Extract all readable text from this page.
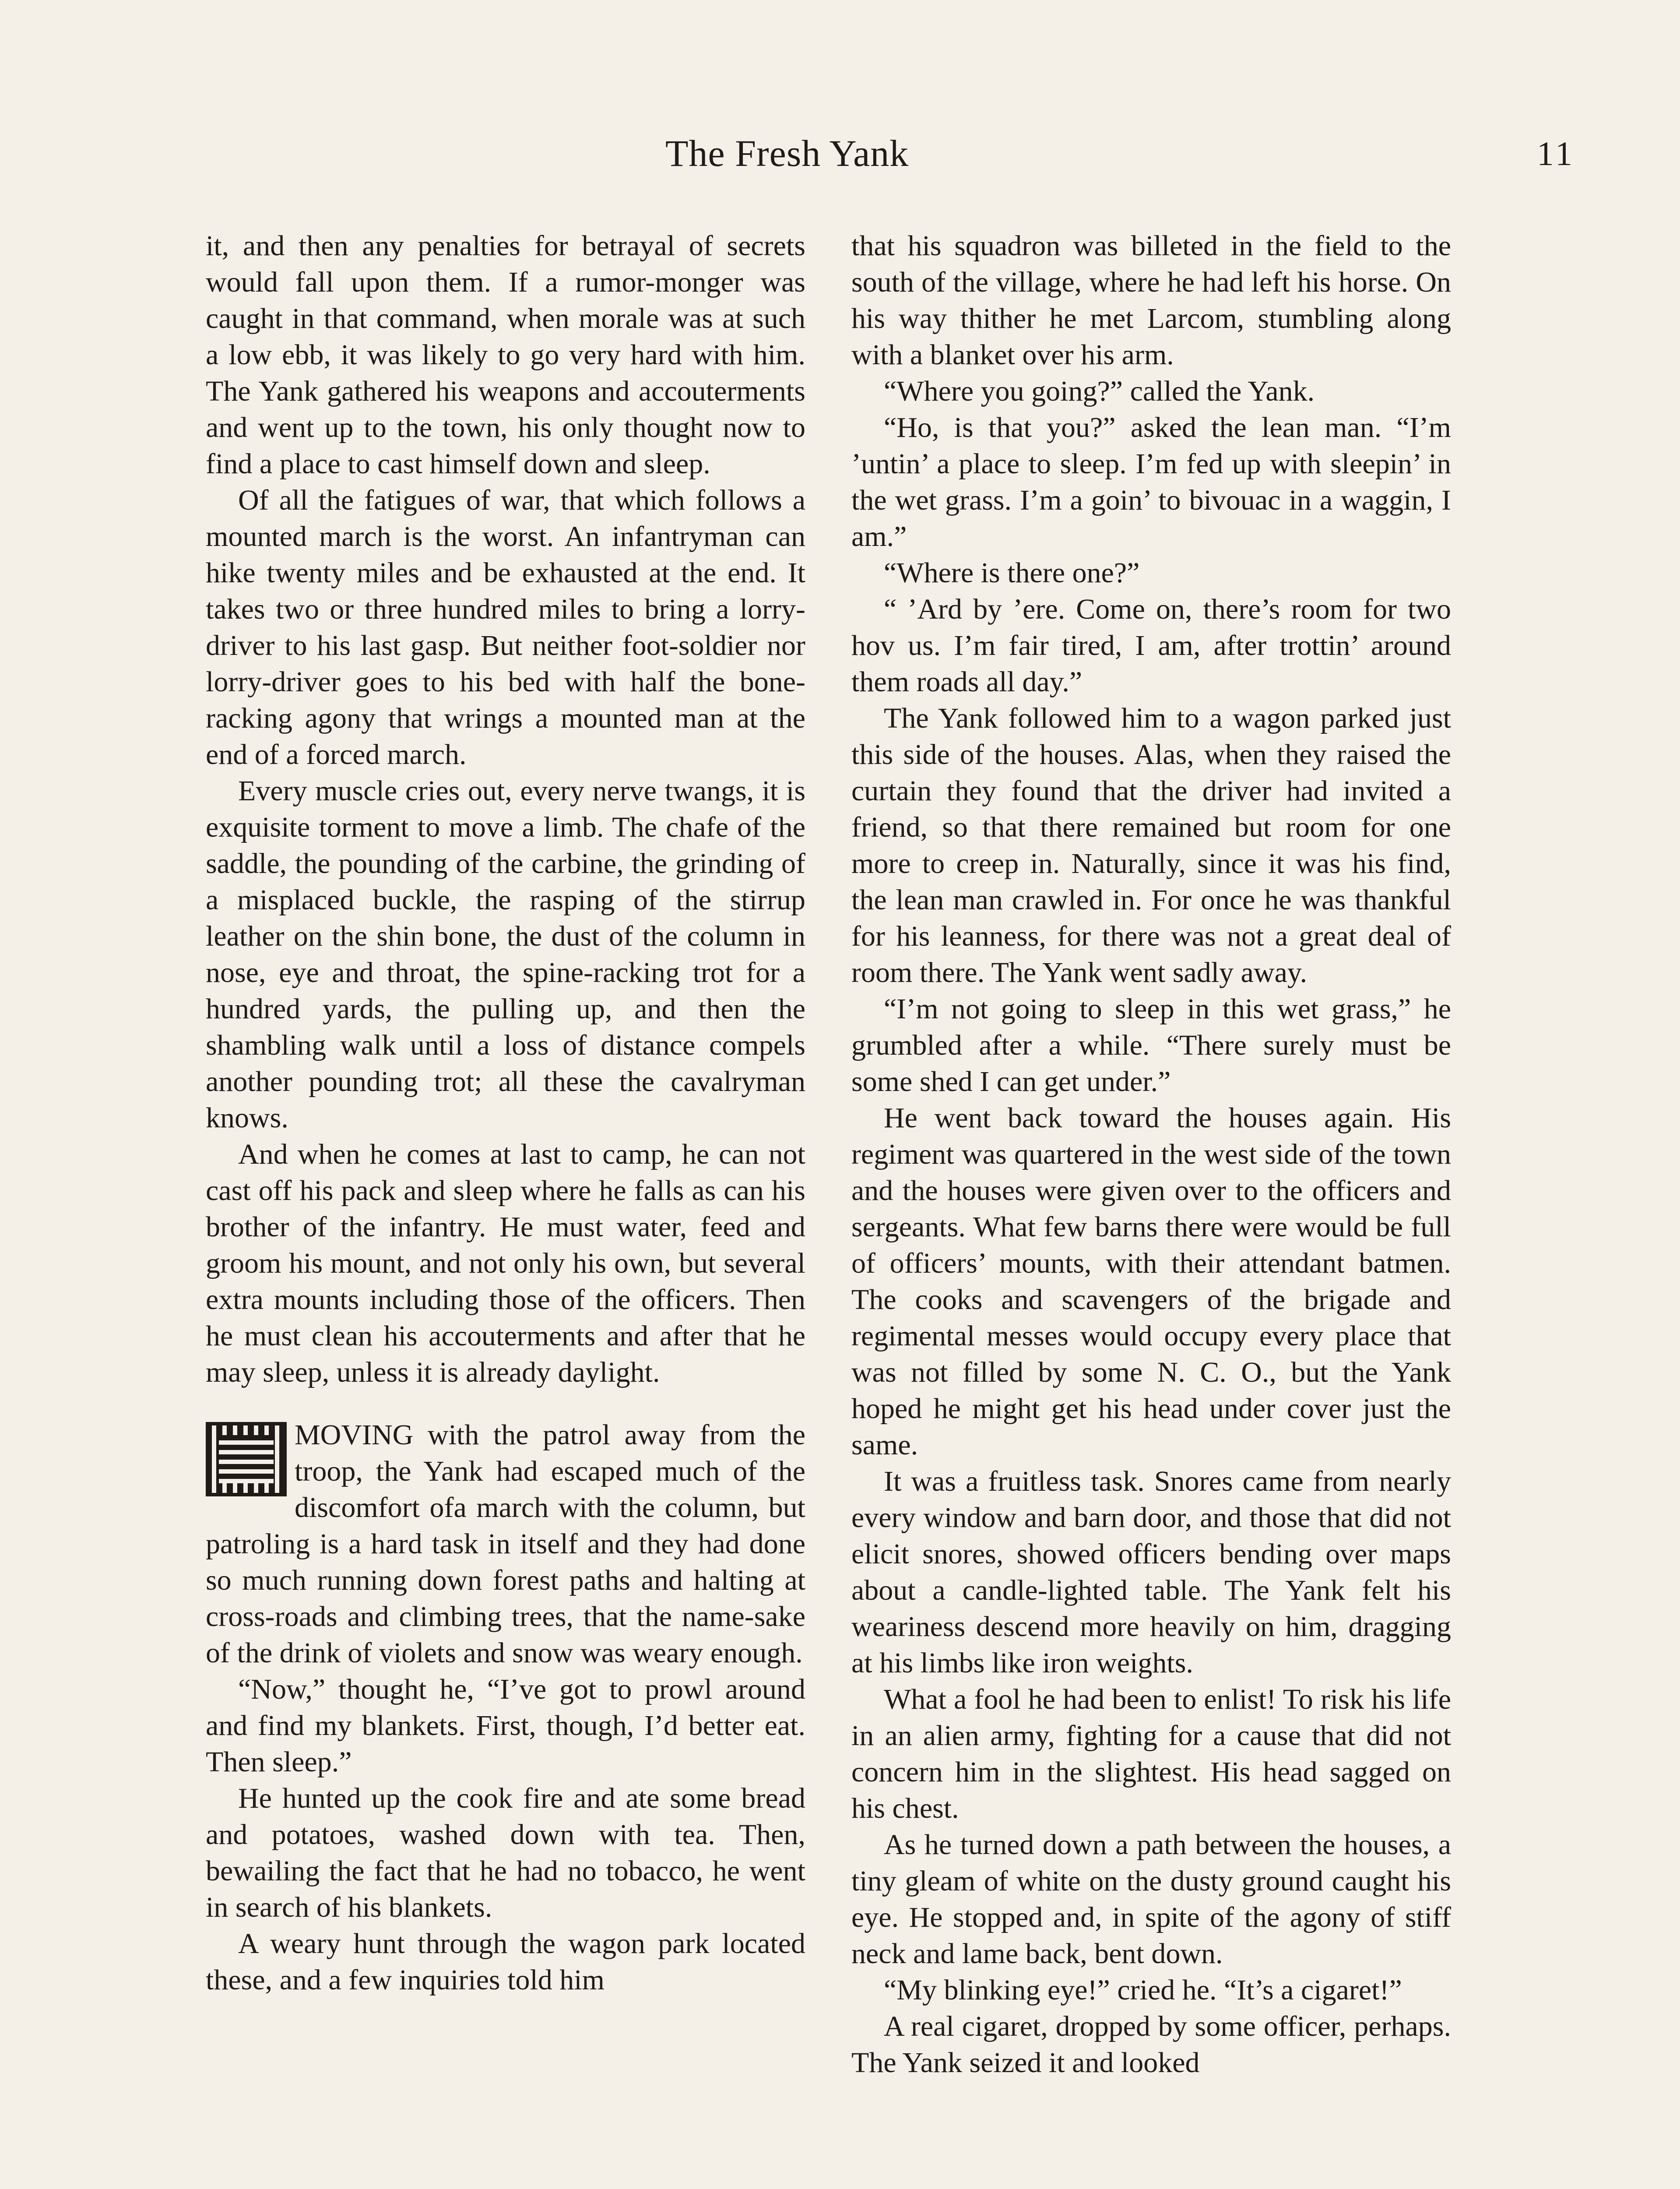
The Fresh Yank	11

it, and then any penalties for betrayal of secrets would fall upon them. If a rumor-monger was caught in that command, when morale was at such a low ebb, it was likely to go very hard with him. The Yank gathered his weapons and accouterments and went up to the town, his only thought now to find a place to cast himself down and sleep.

Of all the fatigues of war, that which follows a mounted march is the worst. An infantryman can hike twenty miles and be exhausted at the end. It takes two or three hundred miles to bring a lorry-driver to his last gasp. But neither foot-soldier nor lorry-driver goes to his bed with half the bone-racking agony that wrings a mounted man at the end of a forced march.

Every muscle cries out, every nerve twangs, it is exquisite torment to move a limb. The chafe of the saddle, the pounding of the carbine, the grinding of a misplaced buckle, the rasping of the stirrup leather on the shin bone, the dust of the column in nose, eye and throat, the spine-racking trot for a hundred yards, the pulling up, and then the shambling walk until a loss of distance compels another pounding trot; all these the cavalryman knows.

And when he comes at last to camp, he can not cast off his pack and sleep where he falls as can his brother of the infantry. He must water, feed and groom his mount, and not only his own, but several extra mounts including those of the officers. Then he must clean his accouterments and after that he may sleep, unless it is already daylight.

MOVING with the patrol away from the troop, the Yank had escaped much of the discomfort ofa march with the column, but patroling is a hard task in itself and they had done so much running down forest paths and halting at cross-roads and climbing trees, that the name-sake of the drink of violets and snow was weary enough.

“Now,” thought he, “I’ve got to prowl around and find my blankets. First, though, I’d better eat. Then sleep.”

He hunted up the cook fire and ate some bread and potatoes, washed down with tea. Then, bewailing the fact that he had no tobacco, he went in search of his blankets.

A weary hunt through the wagon park located these, and a few inquiries told him

that his squadron was billeted in the field to the south of the village, where he had left his horse. On his way thither he met Larcom, stumbling along with a blanket over his arm.

“Where you going?” called the Yank.

“Ho, is that you?” asked the lean man. “I’m ’untin’ a place to sleep. I’m fed up with sleepin’ in the wet grass. I’m a goin’ to bivouac in a waggin, I am.”

“Where is there one?”

“ ’Ard by ’ere. Come on, there’s room for two hov us. I’m fair tired, I am, after trottin’ around them roads all day.”

The Yank followed him to a wagon parked just this side of the houses. Alas, when they raised the curtain they found that the driver had invited a friend, so that there remained but room for one more to creep in. Naturally, since it was his find, the lean man crawled in. For once he was thankful for his leanness, for there was not a great deal of room there. The Yank went sadly away.

“I’m not going to sleep in this wet grass,” he grumbled after a while. “There surely must be some shed I can get under.”

He went back toward the houses again. His regiment was quartered in the west side of the town and the houses were given over to the officers and sergeants. What few barns there were would be full of officers’ mounts, with their attendant batmen. The cooks and scavengers of the brigade and regimental messes would occupy every place that was not filled by some N. C. O., but the Yank hoped he might get his head under cover just the same.

It was a fruitless task. Snores came from nearly every window and barn door, and those that did not elicit snores, showed officers bending over maps about a candle-lighted table. The Yank felt his weariness descend more heavily on him, dragging at his limbs like iron weights.

What a fool he had been to enlist! To risk his life in an alien army, fighting for a cause that did not concern him in the slightest. His head sagged on his chest.

As he turned down a path between the houses, a tiny gleam of white on the dusty ground caught his eye. He stopped and, in spite of the agony of stiff neck and lame back, bent down.

“My blinking eye!” cried he. “It’s a cigaret!”

A real cigaret, dropped by some officer, perhaps. The Yank seized it and looked
